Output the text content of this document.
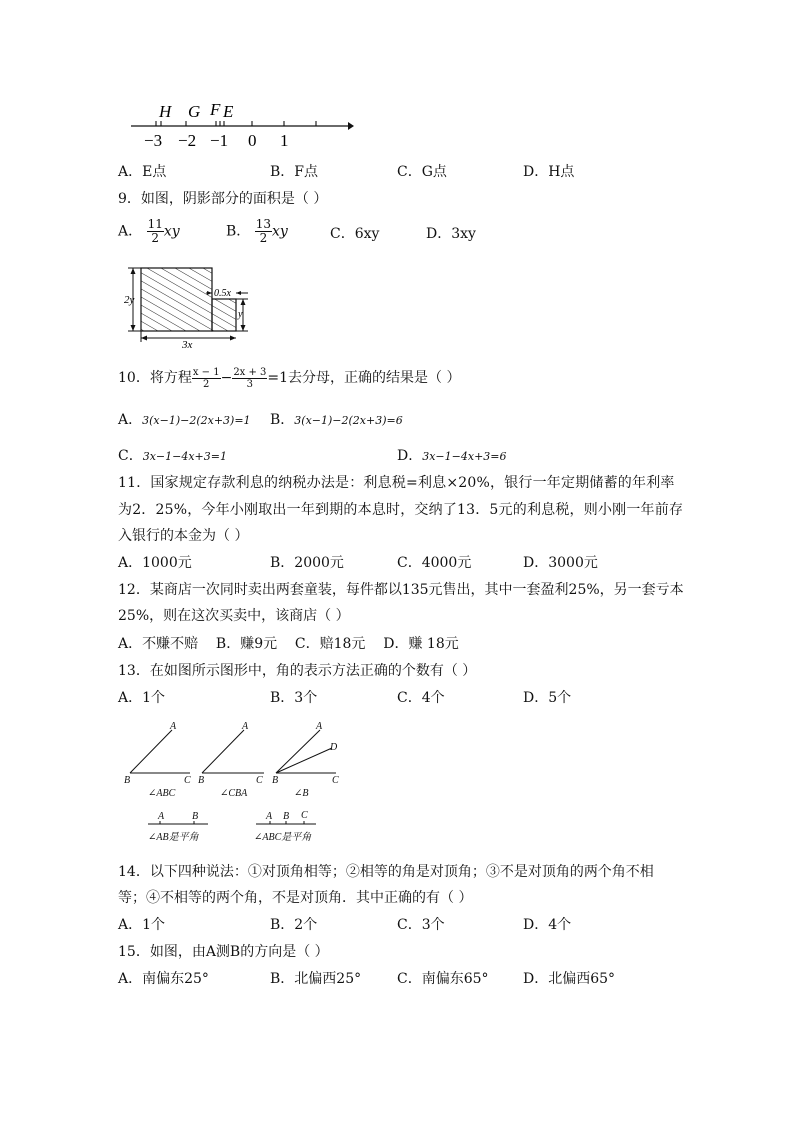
H G F E
−3 −2 −1 0 1
A．E点	B．F点	C．G点	D．H点
9．如图，阴影部分的面积是（ ）
A． $\frac{11}{2}$ xy	B． $\frac{13}{2}$ xy	C．6xy	D．3xy
2y
3x
0.5x
y
10．将方程 $\frac{x - 1}{2} - \frac{2x + 3}{3} =1$去分母，正确的结果是（ ）
A．3(x−1)−2(2x+3)=1 B．3(x−1)−2(2x+3)=6
C．3x−1−4x+3=1	D．3x−1−4x+3=6
11．国家规定存款利息的纳税办法是：利息税=利息×20%，银行一年定期储蓄的年利率
为2．25%，今年小刚取出一年到期的本息时，交纳了13．5元的利息税，则小刚一年前存
入银行的本金为（ ）
A．1000元	B．2000元	C．4000元	D．3000元
12．某商店一次同时卖出两套童装，每件都以135元售出，其中一套盈利25%，另一套亏本
25%，则在这次买卖中，该商店（ ）
A．不赚不赔    B．赚9元    C．赔18元    D．赚 18元
13．在如图所示图形中，角的表示方法正确的个数有（ ）
A．1个	B．3个	C．4个	D．5个
A
B	C
A
B	C
A
D
B	C
∠ABC	∠CBA	∠B
A	B
∠AB是平角
A B C
∠ABC是平角
14．以下四种说法：①对顶角相等；②相等的角是对顶角；③不是对顶角的两个角不相
等；④不相等的两个角，不是对顶角．其中正确的有（ ）
A．1个	B．2个	C．3个	D．4个
15．如图，由A测B的方向是（ ）
A．南偏东25°	B．北偏西25°	C．南偏东65° D．北偏西65°
